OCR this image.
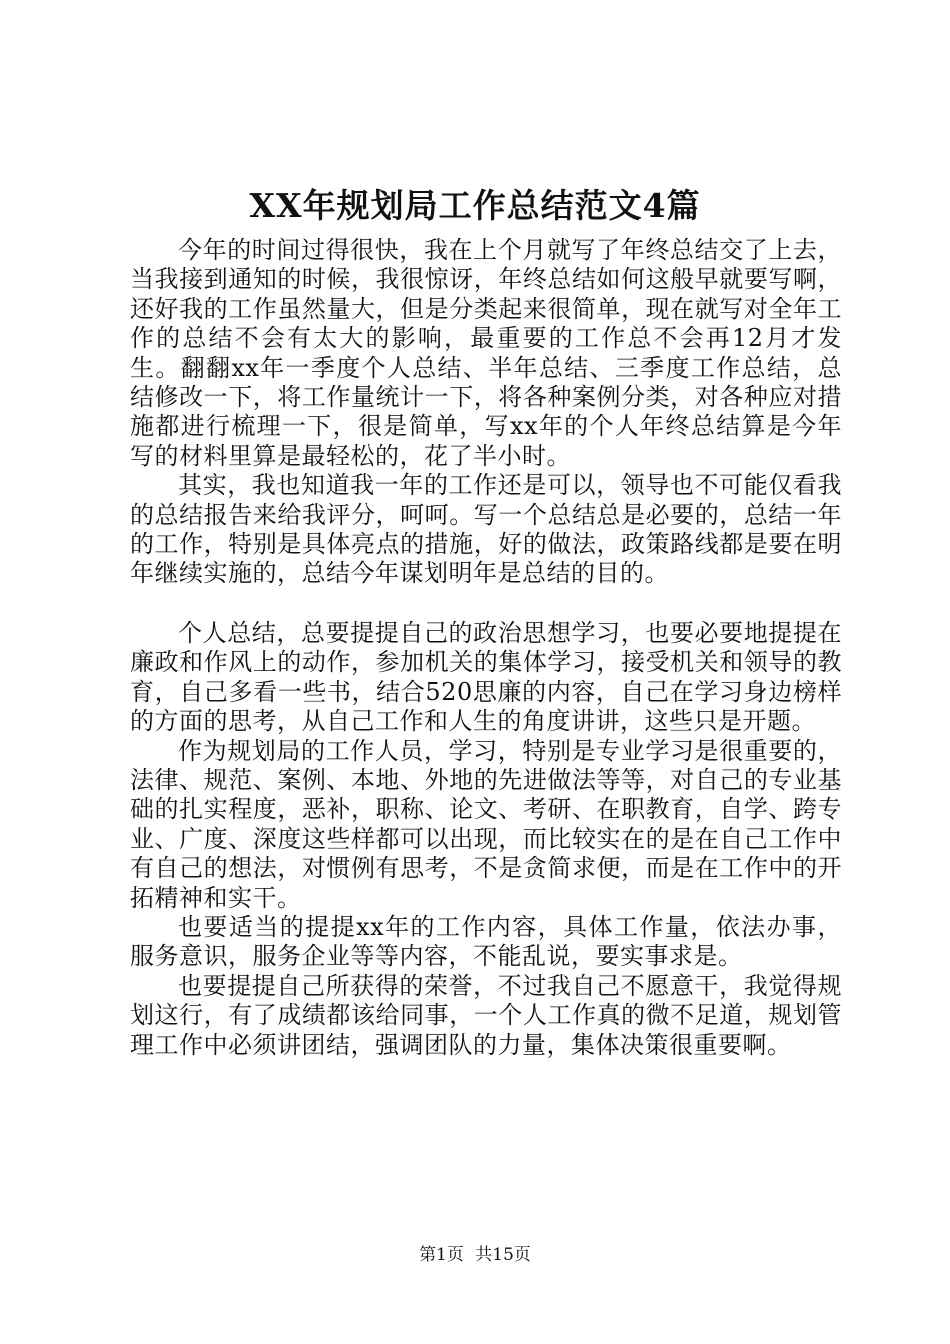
XX年规划局工作总结范文4篇

今年的时间过得很快，我在上个月就写了年终总结交了上去，当我接到通知的时候，我很惊讶，年终总结如何这般早就要写啊，还好我的工作虽然量大，但是分类起来很简单，现在就写对全年工作的总结不会有太大的影响，最重要的工作总不会再12月才发生。翻翻xx年一季度个人总结、半年总结、三季度工作总结，总结修改一下，将工作量统计一下，将各种案例分类，对各种应对措施都进行梳理一下，很是简单，写xx年的个人年终总结算是今年写的材料里算是最轻松的，花了半小时。

其实，我也知道我一年的工作还是可以，领导也不可能仅看我的总结报告来给我评分，呵呵。写一个总结总是必要的，总结一年的工作，特别是具体亮点的措施，好的做法，政策路线都是要在明年继续实施的，总结今年谋划明年是总结的目的。

个人总结，总要提提自己的政治思想学习，也要必要地提提在廉政和作风上的动作，参加机关的集体学习，接受机关和领导的教育，自己多看一些书，结合520思廉的内容，自己在学习身边榜样的方面的思考，从自己工作和人生的角度讲讲，这些只是开题。

作为规划局的工作人员，学习，特别是专业学习是很重要的，法律、规范、案例、本地、外地的先进做法等等，对自己的专业基础的扎实程度，恶补，职称、论文、考研、在职教育，自学、跨专业、广度、深度这些样都可以出现，而比较实在的是在自己工作中有自己的想法，对惯例有思考，不是贪简求便，而是在工作中的开拓精神和实干。

也要适当的提提xx年的工作内容，具体工作量，依法办事，服务意识，服务企业等等内容，不能乱说，要实事求是。

也要提提自己所获得的荣誉，不过我自己不愿意干，我觉得规划这行，有了成绩都该给同事，一个人工作真的微不足道，规划管理工作中必须讲团结，强调团队的力量，集体决策很重要啊。

第1页 共15页
